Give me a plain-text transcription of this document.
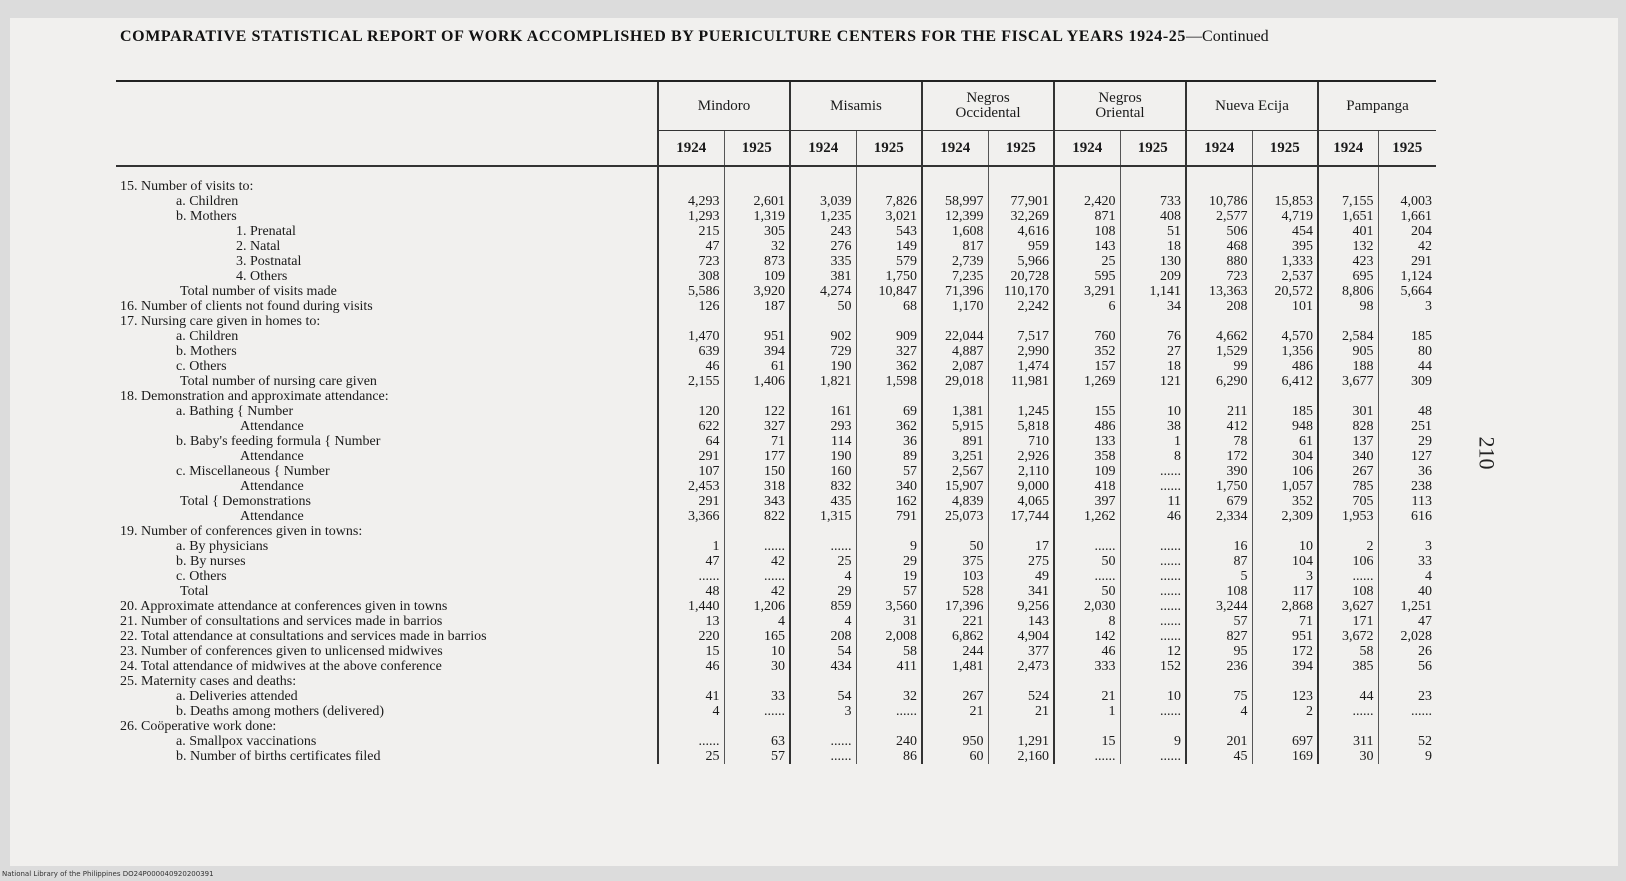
COMPARATIVE STATISTICAL REPORT OF WORK ACCOMPLISHED BY PUERICULTURE CENTERS FOR THE FISCAL YEARS 1924-25—Continued
	Mindoro		Misamis		Negros Occidental		Negros Oriental		Nueva Ecija		Pampanga	
	1924	1925	1924	1925	1924	1925	1924	1925	1924	1925	1924	1925

15. Number of visits to:												
a. Children	4,293	2,601	3,039	7,826	58,997	77,901	2,420	733	10,786	15,853	7,155	4,003
b. Mothers	1,293	1,319	1,235	3,021	12,399	32,269	871	408	2,577	4,719	1,651	1,661
1. Prenatal	215	305	243	543	1,608	4,616	108	51	506	454	401	204
2. Natal	47	32	276	149	817	959	143	18	468	395	132	42
3. Postnatal	723	873	335	579	2,739	5,966	25	130	880	1,333	423	291
4. Others	308	109	381	1,750	7,235	20,728	595	209	723	2,537	695	1,124
Total number of visits made	5,586	3,920	4,274	10,847	71,396	110,170	3,291	1,141	13,363	20,572	8,806	5,664
16. Number of clients not found during visits	126	187	50	68	1,170	2,242	6	34	208	101	98	3
17. Nursing care given in homes to:												
a. Children	1,470	951	902	909	22,044	7,517	760	76	4,662	4,570	2,584	185
b. Mothers	639	394	729	327	4,887	2,990	352	27	1,529	1,356	905	80
c. Others	46	61	190	362	2,087	1,474	157	18	99	486	188	44
Total number of nursing care given	2,155	1,406	1,821	1,598	29,018	11,981	1,269	121	6,290	6,412	3,677	309
18. Demonstration and approximate attendance:												
a. Bathing { Number	120	122	161	69	1,381	1,245	155	10	211	185	301	48
Attendance	622	327	293	362	5,915	5,818	486	38	412	948	828	251
b. Baby's feeding formula { Number	64	71	114	36	891	710	133	1	78	61	137	29
Attendance	291	177	190	89	3,251	2,926	358	8	172	304	340	127
c. Miscellaneous { Number	107	150	160	57	2,567	2,110	109	......	390	106	267	36
Attendance	2,453	318	832	340	15,907	9,000	418	......	1,750	1,057	785	238
Total { Demonstrations	291	343	435	162	4,839	4,065	397	11	679	352	705	113
Attendance	3,366	822	1,315	791	25,073	17,744	1,262	46	2,334	2,309	1,953	616
19. Number of conferences given in towns:												
a. By physicians	1	......	......	9	50	17	......	......	16	10	2	3
b. By nurses	47	42	25	29	375	275	50	......	87	104	106	33
c. Others	......	......	4	19	103	49	......	......	5	3	......	4
Total	48	42	29	57	528	341	50	......	108	117	108	40
20. Approximate attendance at conferences given in towns	1,440	1,206	859	3,560	17,396	9,256	2,030	......	3,244	2,868	3,627	1,251
21. Number of consultations and services made in barrios	13	4	4	31	221	143	8	......	57	71	171	47
22. Total attendance at consultations and services made in barrios	220	165	208	2,008	6,862	4,904	142	......	827	951	3,672	2,028
23. Number of conferences given to unlicensed midwives	15	10	54	58	244	377	46	12	95	172	58	26
24. Total attendance of midwives at the above conference	46	30	434	411	1,481	2,473	333	152	236	394	385	56
25. Maternity cases and deaths:												
a. Deliveries attended	41	33	54	32	267	524	21	10	75	123	44	23
b. Deaths among mothers (delivered)	4	......	3	......	21	21	1	......	4	2	......	......
26. Coöperative work done:												
a. Smallpox vaccinations	......	63	......	240	950	1,291	15	9	201	697	311	52
b. Number of births certificates filed	25	57	......	86	60	2,160	......	......	45	169	30	9
210
National Library of the Philippines DO24P000040920200391
